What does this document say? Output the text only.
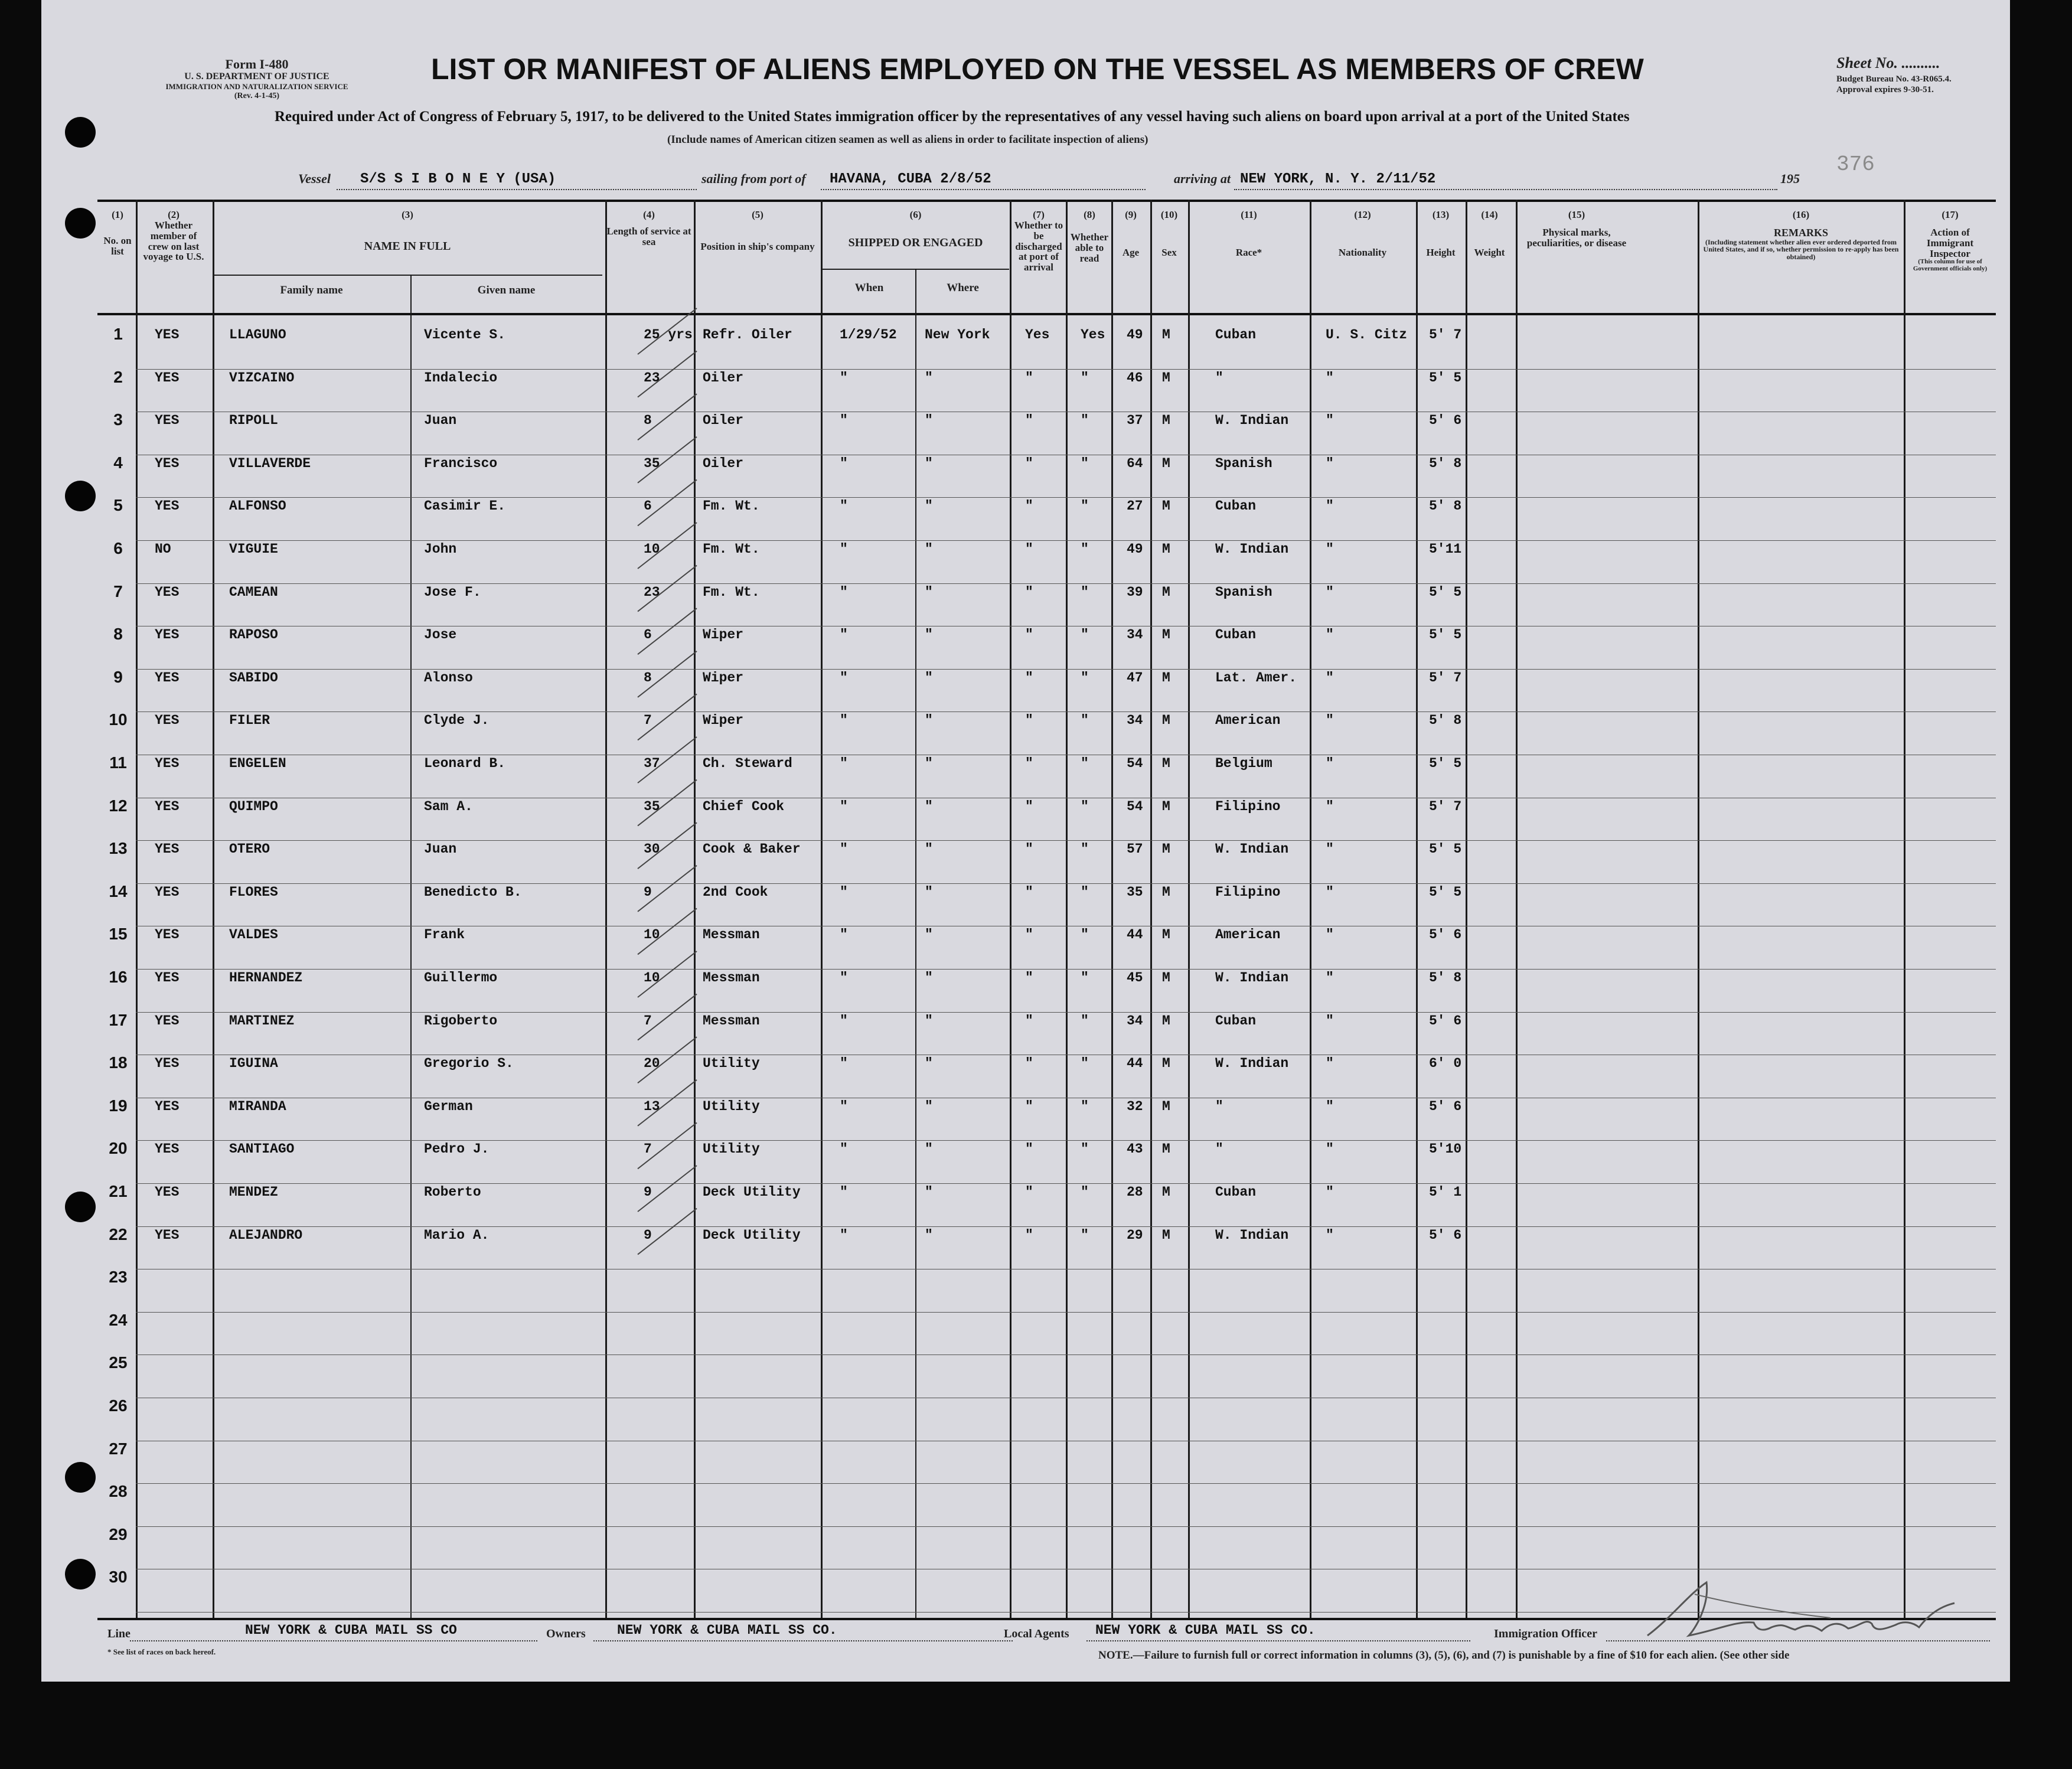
Form I-480
U. S. DEPARTMENT OF JUSTICE
IMMIGRATION AND NATURALIZATION SERVICE
(Rev. 4-1-45)
LIST OR MANIFEST OF ALIENS EMPLOYED ON THE VESSEL AS MEMBERS OF CREW	Sheet No. ..........
Budget Bureau No. 43-R065.4.
Approval expires 9-30-51.
Required under Act of Congress of February 5, 1917, to be delivered to the United States immigration officer by the representatives of any vessel having such aliens on board upon arrival at a port of the United States
(Include names of American citizen seamen as well as aliens in order to facilitate inspection of aliens)
Vessel S/S S I B O N E Y (USA)	sailing from port of HAVANA, CUBA 2/8/52	arriving at NEW YORK, N. Y. 2/11/52	195
376
(1)
No. on list
(2)
Whether member of crew on last voyage to U.S.
(3)
NAME IN FULL
Family name	Given name
(4)
Length of service at sea
(5)
Position in ship's company
(6)
SHIPPED OR ENGAGED
When	Where
(7)
Whether to be discharged at port of arrival
(8)
Whether able to read
(9)
Age
(10)
Sex
(11)
Race*
(12)
Nationality
(13)
Height
(14)
Weight
(15)
Physical marks, peculiarities, or disease
(16)
REMARKS
(Including statement whether alien ever ordered deported from United States, and if so, whether permission to re-apply has been obtained)
(17)
Action of Immigrant Inspector
(This column for use of Government officials only)
1	YES	LLAGUNO	Vicente S.	25 yrs Refr. Oiler	1/29/52 New York	Yes Yes 49 M	Cuban	U. S. Citz 5' 7
2	YES	VIZCAINO	Indalecio	23	Oiler	"	"	"	"	46 M	"	"	5' 5
3	YES	RIPOLL	Juan	8	Oiler	"	"	"	"	37 M	W. Indian	"	5' 6
4	YES	VILLAVERDE	Francisco	35	Oiler	"	"	"	"	64 M	Spanish	"	5' 8
5	YES	ALFONSO	Casimir E.	6	Fm. Wt.	"	"	"	"	27 M	Cuban	"	5' 8
6	NO	VIGUIE	John	10	Fm. Wt.	"	"	"	"	49 M	W. Indian	"	5'11
7	YES	CAMEAN	Jose F.	23	Fm. Wt.	"	"	"	"	39 M	Spanish	"	5' 5
8	YES	RAPOSO	Jose	6	Wiper	"	"	"	"	34 M	Cuban	"	5' 5
9	YES	SABIDO	Alonso	8	Wiper	"	"	"	"	47 M	Lat. Amer. "	5' 7
10	YES	FILER	Clyde J.	7	Wiper	"	"	"	"	34 M	American	"	5' 8
11	YES	ENGELEN	Leonard B.	37	Ch. Steward	"	"	"	"	54 M	Belgium	"	5' 5
12	YES	QUIMPO	Sam A.	35	Chief Cook	"	"	"	"	54 M	Filipino	"	5' 7
13	YES	OTERO	Juan	30	Cook & Baker	"	"	"	"	57 M	W. Indian	"	5' 5
14	YES	FLORES	Benedicto B.	9	2nd Cook	"	"	"	"	35 M	Filipino	"	5' 5
15	YES	VALDES	Frank	10	Messman	"	"	"	"	44 M	American	"	5' 6
16	YES	HERNANDEZ	Guillermo	10	Messman	"	"	"	"	45 M	W. Indian	"	5' 8
17	YES	MARTINEZ	Rigoberto	7	Messman	"	"	"	"	34 M	Cuban	"	5' 6
18	YES	IGUINA	Gregorio S.	20	Utility	"	"	"	"	44 M	W. Indian	"	6' 0
19	YES	MIRANDA	German	13	Utility	"	"	"	"	32 M	"	"	5' 6
20	YES	SANTIAGO	Pedro J.	7	Utility	"	"	"	"	43 M	"	"	5'10
21	YES	MENDEZ	Roberto	9	Deck Utility	"	"	"	"	28 M	Cuban	"	5' 1
22	YES	ALEJANDRO	Mario A.	9	Deck Utility	"	"	"	"	29 M	W. Indian	"	5' 6
23
24
25
26
27
28
29
30
Line	NEW YORK & CUBA MAIL SS CO	Owners NEW YORK & CUBA MAIL SS CO.	Local Agents NEW YORK & CUBA MAIL SS CO.	Immigration Officer
* See list of races on back hereof.	NOTE.—Failure to furnish full or correct information in columns (3), (5), (6), and (7) is punishable by a fine of $10 for each alien. (See other side
